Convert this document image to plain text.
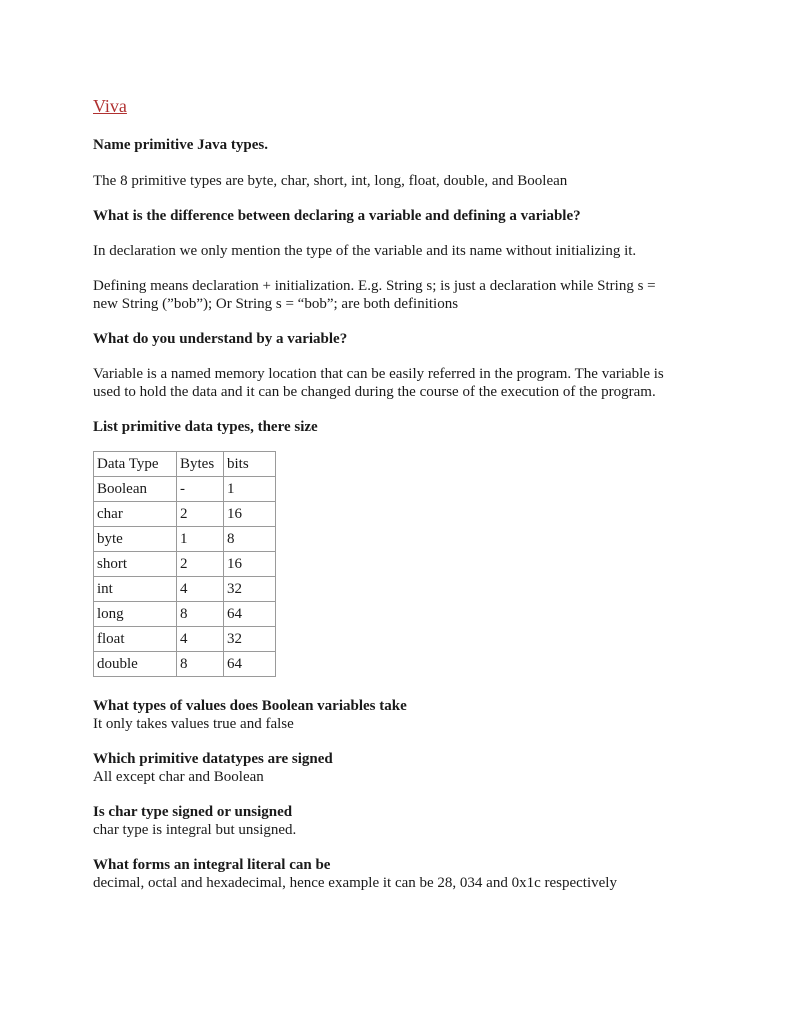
Viva

Name primitive Java types.

The 8 primitive types are byte, char, short, int, long, float, double, and Boolean

What is the difference between declaring a variable and defining a variable?

In declaration we only mention the type of the variable and its name without initializing it.

Defining means declaration + initialization. E.g. String s; is just a declaration while String s =

new String (”bob”); Or String s = “bob”; are both definitions

What do you understand by a variable?

Variable is a named memory location that can be easily referred in the program. The variable is

used to hold the data and it can be changed during the course of the execution of the program.

List primitive data types, there size

Data Type	Bytes	bits
Boolean	-	1
char	2	16
byte	1	8
short	2	16
int	4	32
long	8	64
float	4	32
double	8	64

What types of values does Boolean variables take

It only takes values true and false

Which primitive datatypes are signed

All except char and Boolean

Is char type signed or unsigned

char type is integral but unsigned.

What forms an integral literal can be

decimal, octal and hexadecimal, hence example it can be 28, 034 and 0x1c respectively
